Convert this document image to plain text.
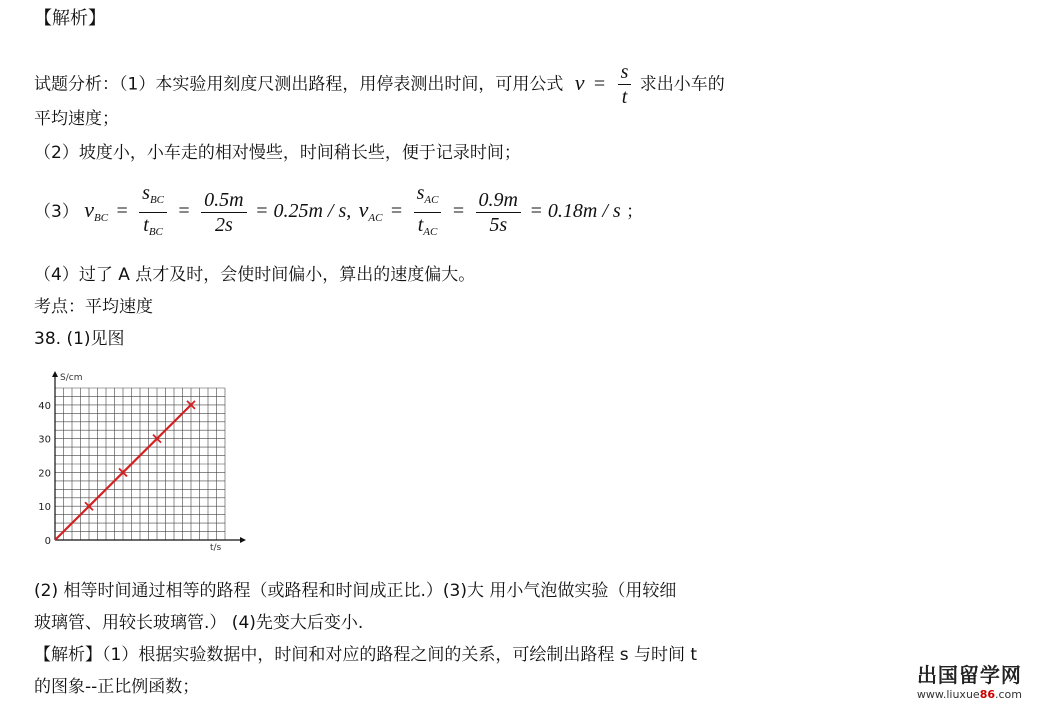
【解析】
试题分析：（1）本实验用刻度尺测出路程，用停表测出时间，可用公式 $v = \frac{s}{t}$ 求出小车的
平均速度；
（2）坡度小，小车走的相对慢些，时间稍长些，便于记录时间；
（3） $v_{BC} = \frac{s_{BC}}{t_{BC}} = \frac{0.5m}{2s} = 0.25m / s$, $v_{AC} = \frac{s_{AC}}{t_{AC}} = \frac{0.9m}{5s} = 0.18m / s$ ；
（4）过了 A 点才及时，会使时间偏小，算出的速度偏大。
考点：平均速度
38. (1)见图
0
10
20
30
40
S/cm
t/s
(2) 相等时间通过相等的路程（或路程和时间成正比.）(3)大 用小气泡做实验（用较细
玻璃管、用较长玻璃管.） (4)先变大后变小.
【解析】（1）根据实验数据中，时间和对应的路程之间的关系，可绘制出路程 s 与时间 t
的图象--正比例函数；	出国留学网
www.liuxue86.com
